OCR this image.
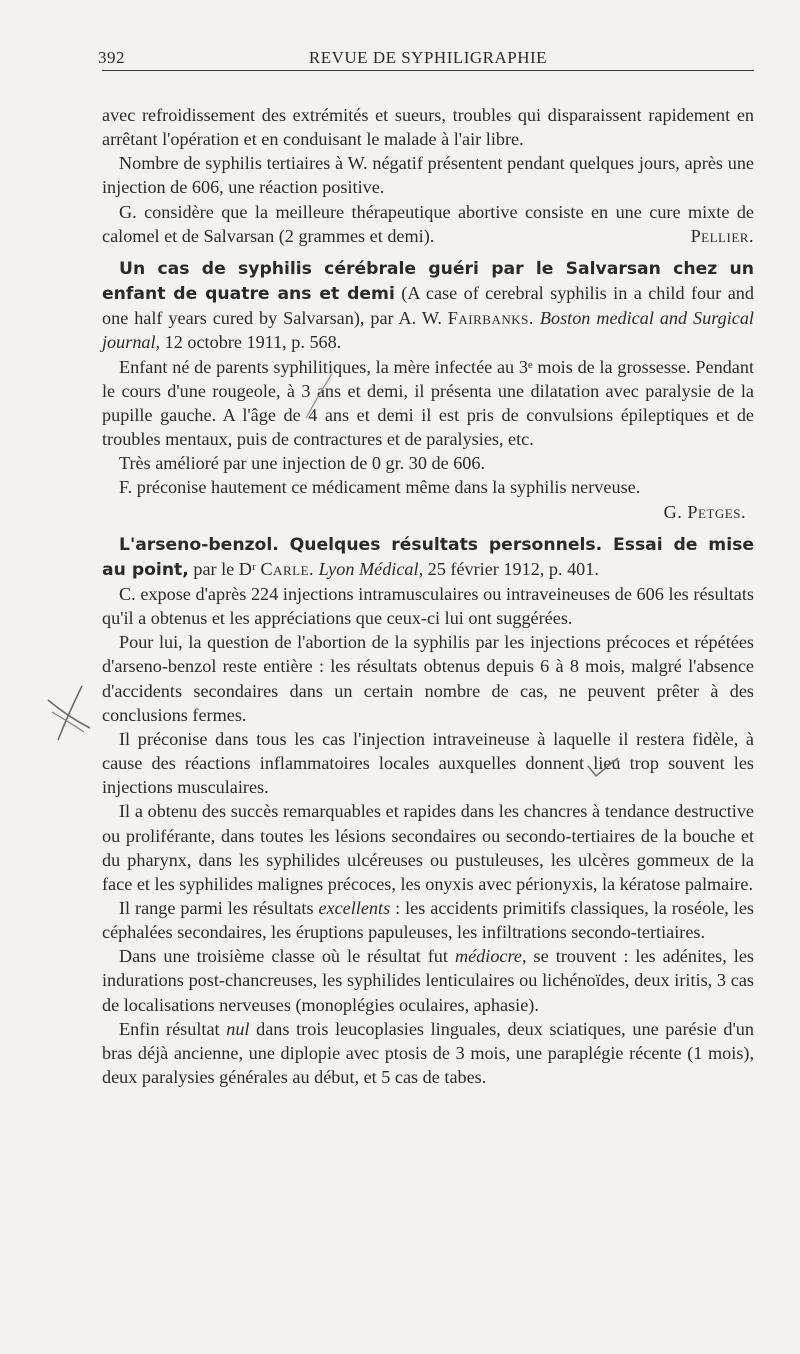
392	REVUE DE SYPHILIGRAPHIE

avec refroidissement des extrémités et sueurs, troubles qui disparaissent rapidement en arrêtant l'opération et en conduisant le malade à l'air libre.

Nombre de syphilis tertiaires à W. négatif présentent pendant quelques jours, après une injection de 606, une réaction positive.

G. considère que la meilleure thérapeutique abortive consiste en une cure mixte de calomel et de Salvarsan (2 grammes et demi).	Pellier.

Un cas de syphilis cérébrale guéri par le Salvarsan chez un enfant de quatre ans et demi (A case of cerebral syphilis in a child four and one half years cured by Salvarsan), par A. W. Fairbanks. Boston medical and Surgical journal, 12 octobre 1911, p. 568.

Enfant né de parents syphilitiques, la mère infectée au 3ᵉ mois de la grossesse. Pendant le cours d'une rougeole, à 3 ans et demi, il présenta une dilatation avec paralysie de la pupille gauche. A l'âge de 4 ans et demi il est pris de convulsions épileptiques et de troubles mentaux, puis de contractures et de paralysies, etc.

Très amélioré par une injection de 0 gr. 30 de 606.

F. préconise hautement ce médicament même dans la syphilis nerveuse.

G. Petges.

L'arseno-benzol. Quelques résultats personnels. Essai de mise au point, par le Dʳ Carle. Lyon Médical, 25 février 1912, p. 401.

C. expose d'après 224 injections intramusculaires ou intraveineuses de 606 les résultats qu'il a obtenus et les appréciations que ceux-ci lui ont suggérées.

Pour lui, la question de l'abortion de la syphilis par les injections précoces et répétées d'arseno-benzol reste entière : les résultats obtenus depuis 6 à 8 mois, malgré l'absence d'accidents secondaires dans un certain nombre de cas, ne peuvent prêter à des conclusions fermes.

Il préconise dans tous les cas l'injection intraveineuse à laquelle il restera fidèle, à cause des réactions inflammatoires locales auxquelles donnent lieu trop souvent les injections musculaires.

Il a obtenu des succès remarquables et rapides dans les chancres à tendance destructive ou proliférante, dans toutes les lésions secondaires ou secondo-tertiaires de la bouche et du pharynx, dans les syphilides ulcéreuses ou pustuleuses, les ulcères gommeux de la face et les syphilides malignes précoces, les onyxis avec périonyxis, la kératose palmaire.

Il range parmi les résultats excellents : les accidents primitifs classiques, la roséole, les céphalées secondaires, les éruptions papuleuses, les infiltrations secondo-tertiaires.

Dans une troisième classe où le résultat fut médiocre, se trouvent : les adénites, les indurations post-chancreuses, les syphilides lenticulaires ou lichénoïdes, deux iritis, 3 cas de localisations nerveuses (monoplégies oculaires, aphasie).

Enfin résultat nul dans trois leucoplasies linguales, deux sciatiques, une parésie d'un bras déjà ancienne, une diplopie avec ptosis de 3 mois, une paraplégie récente (1 mois), deux paralysies générales au début, et 5 cas de tabes.
